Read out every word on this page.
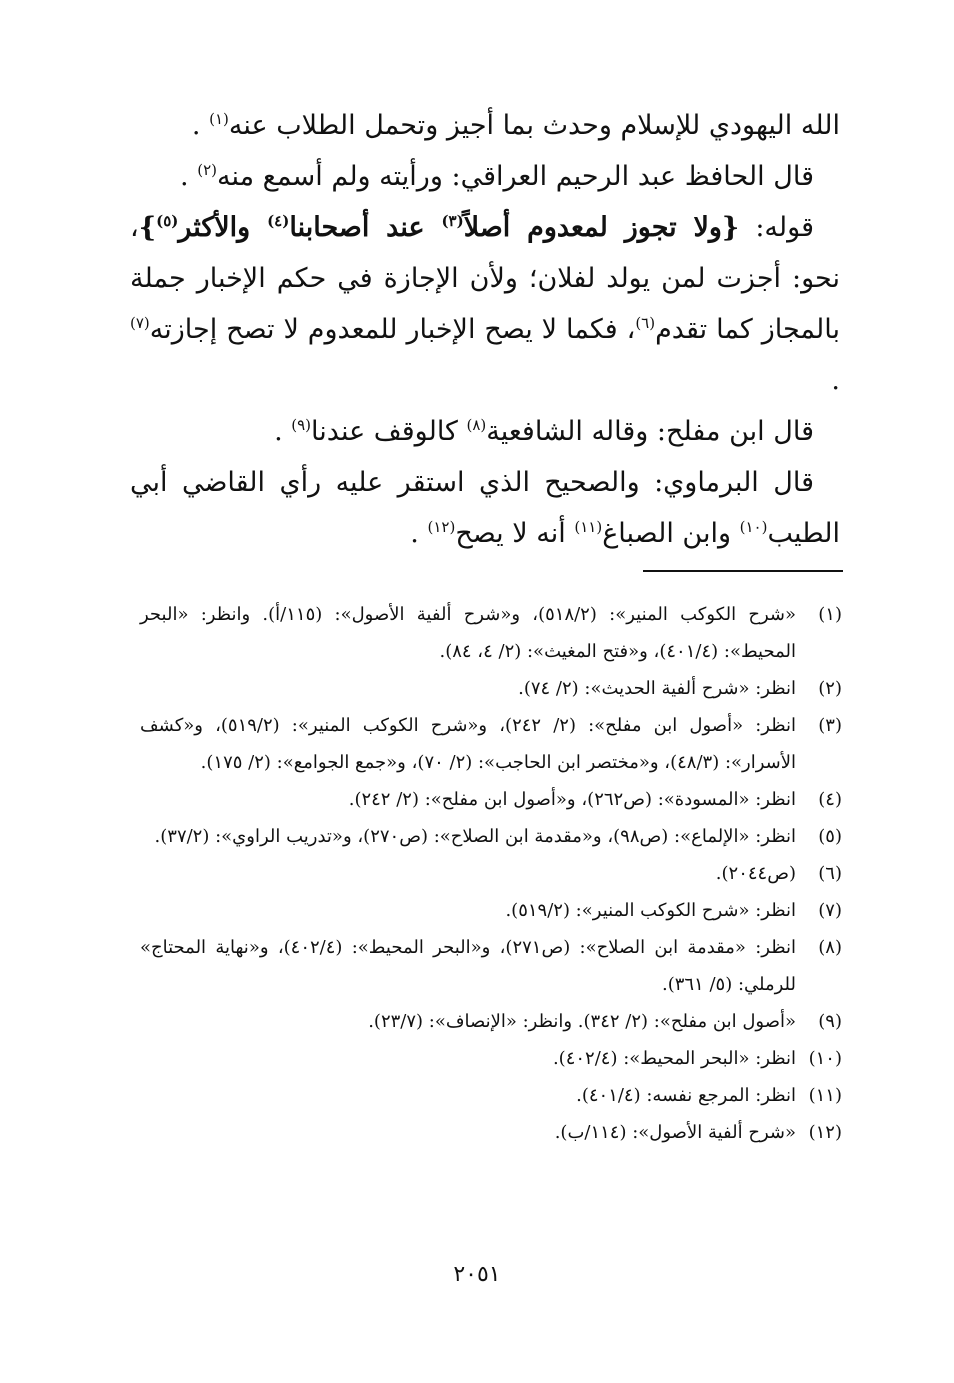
الله اليهودي للإسلام وحدث بما أجيز وتحمل الطلاب عنه$^{(١)}$ .

قال الحافظ عبد الرحيم العراقي: ورأيته ولم أسمع منه$^{(٢)}$ .

قوله: {ولا تجوز لمعدوم أصلاً$^{(٣)}$ عند أصحابنا$^{(٤)}$ والأكثر$^{(٥)}$}، نحو: أجزت لمن يولد لفلان؛ ولأن الإجازة في حكم الإخبار جملة بالمجاز كما تقدم$^{(٦)}$، فكما لا يصح الإخبار للمعدوم لا تصح إجازته$^{(٧)}$ .

قال ابن مفلح: وقاله الشافعية$^{(٨)}$ كالوقف عندنا$^{(٩)}$ .

قال البرماوي: والصحيح الذي استقر عليه رأي القاضي أبي الطيب$^{(١٠)}$ وابن الصباغ$^{(١١)}$ أنه لا يصح$^{(١٢)}$ .

(١)
«شرح الكوكب المنير»: (٥١٨/٢)، و«شرح ألفية الأصول»: (١١٥/أ). وانظر: «البحر المحيط»: (٤٠١/٤)، و«فتح المغيث»: (٢/ ٤، ٨٤).
(٢)
انظر: «شرح ألفية الحديث»: (٢/ ٧٤).
(٣)
انظر: «أصول ابن مفلح»: (٢/ ٢٤٢)، و«شرح الكوكب المنير»: (٥١٩/٢)، و«كشف الأسرار»: (٤٨/٣)، و«مختصر ابن الحاجب»: (٢/ ٧٠)، و«جمع الجوامع»: (٢/ ١٧٥).
(٤)
انظر: «المسودة»: (ص٢٦٢)، و«أصول ابن مفلح»: (٢/ ٢٤٢).
(٥)
انظر: «الإلماع»: (ص٩٨)، و«مقدمة ابن الصلاح»: (ص٢٧٠)، و«تدريب الراوي»: (٣٧/٢).
(٦)
(ص٢٠٤٤).
(٧)
انظر: «شرح الكوكب المنير»: (٥١٩/٢).
(٨)
انظر: «مقدمة ابن الصلاح»: (ص٢٧١)، و«البحر المحيط»: (٤٠٢/٤)، و«نهاية المحتاج» للرملي: (٥/ ٣٦١).
(٩)
«أصول ابن مفلح»: (٢/ ٣٤٢). وانظر: «الإنصاف»: (٢٣/٧).
(١٠)
انظر: «البحر المحيط»: (٤٠٢/٤).
(١١)
انظر: المرجع نفسه: (٤٠١/٤).
(١٢)
«شرح ألفية الأصول»: (١١٤/ب).
٢٠٥١
